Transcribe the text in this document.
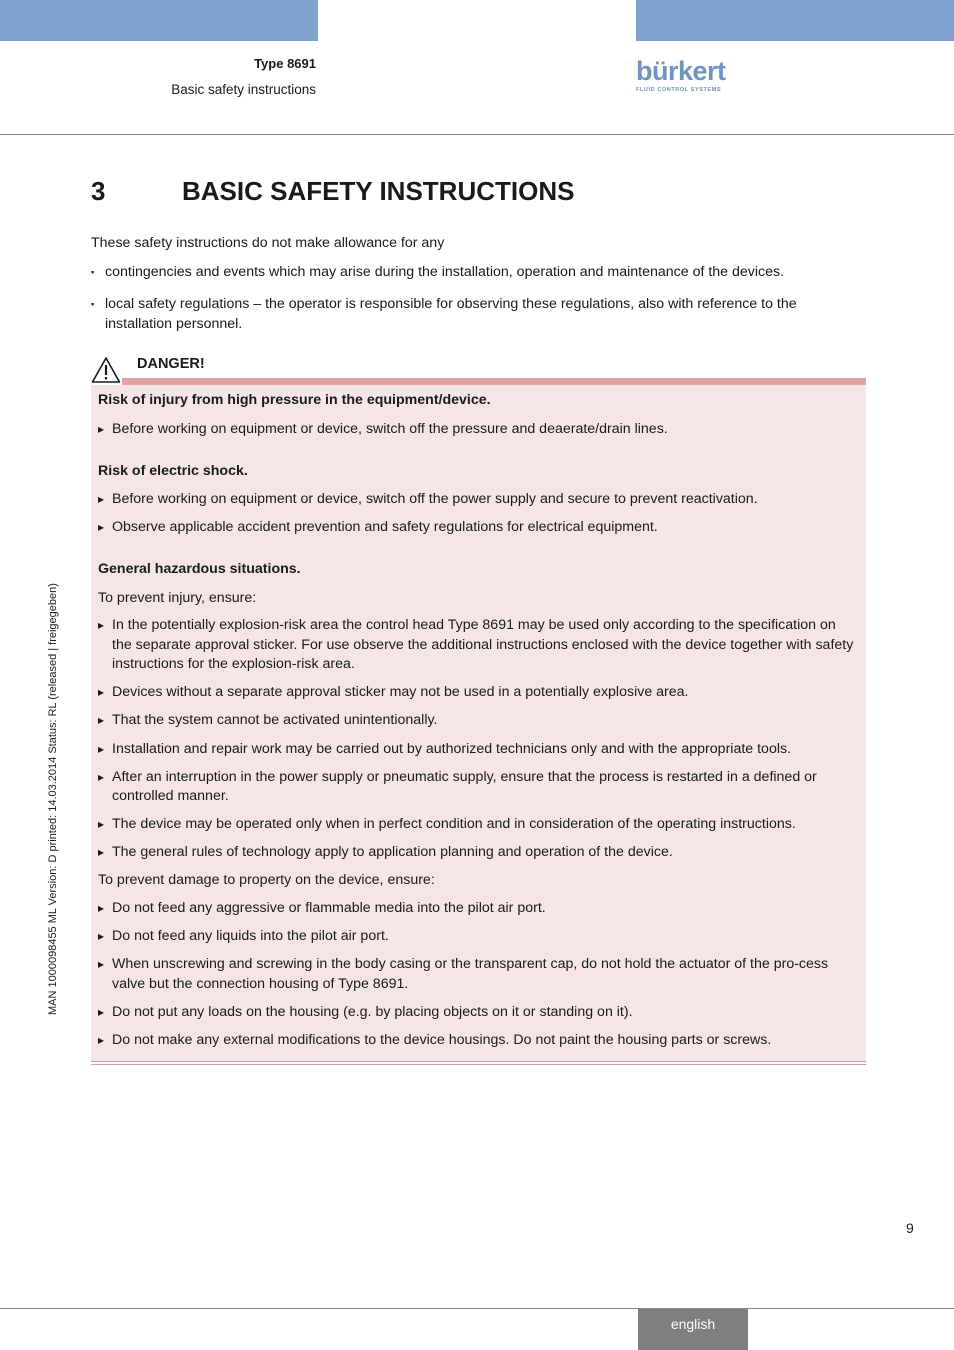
Type 8691
Basic safety instructions
bürkert
FLUID CONTROL SYSTEMS
3	BASIC SAFETY INSTRUCTIONS

These safety instructions do not make allowance for any

▪ contingencies and events which may arise during the installation, operation and maintenance of the devices.
▪ local safety regulations – the operator is responsible for observing these regulations, also with reference to the installation personnel.
DANGER!
Risk of injury from high pressure in the equipment/device.
▸ Before working on equipment or device, switch off the pressure and deaerate/drain lines.
Risk of electric shock.
▸ Before working on equipment or device, switch off the power supply and secure to prevent reactivation.
▸ Observe applicable accident prevention and safety regulations for electrical equipment.
General hazardous situations.
To prevent injury, ensure:
▸ In the potentially explosion-risk area the control head Type 8691 may be used only according to the specification on the separate approval sticker. For use observe the additional instructions enclosed with the device together with safety instructions for the explosion-risk area.
▸ Devices without a separate approval sticker may not be used in a potentially explosive area.
▸ That the system cannot be activated unintentionally.
▸ Installation and repair work may be carried out by authorized technicians only and with the appropriate tools.
▸ After an interruption in the power supply or pneumatic supply, ensure that the process is restarted in a defined or controlled manner.
▸ The device may be operated only when in perfect condition and in consideration of the operating instructions.
▸ The general rules of technology apply to application planning and operation of the device.
To prevent damage to property on the device, ensure:
▸ Do not feed any aggressive or flammable media into the pilot air port.
▸ Do not feed any liquids into the pilot air port.
▸ When unscrewing and screwing in the body casing or the transparent cap, do not hold the actuator of the pro-cess valve but the connection housing of Type 8691.
▸ Do not put any loads on the housing (e.g. by placing objects on it or standing on it).
▸ Do not make any external modifications to the device housings. Do not paint the housing parts or screws.
MAN 1000098455 ML Version: D printed: 14.03.2014 Status: RL (released | freigegeben)
9
english
